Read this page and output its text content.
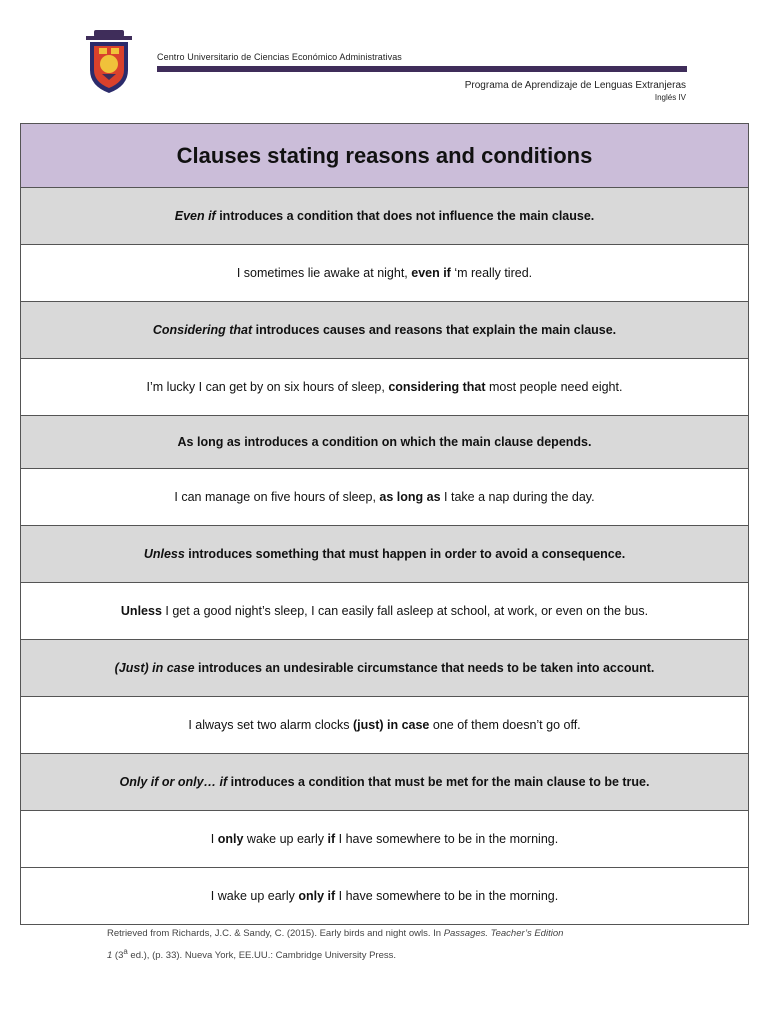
Centro Universitario de Ciencias Económico Administrativas
Programa de Aprendizaje de Lenguas Extranjeras
Inglés IV
Clauses stating reasons and conditions
Even if introduces a condition that does not influence the main clause.
I sometimes lie awake at night, even if ‘m really tired.
Considering that introduces causes and reasons that explain the main clause.
I’m lucky I can get by on six hours of sleep, considering that most people need eight.
As long as introduces a condition on which the main clause depends.
I can manage on five hours of sleep, as long as I take a nap during the day.
Unless introduces something that must happen in order to avoid a consequence.
Unless I get a good night’s sleep, I can easily fall asleep at school, at work, or even on the bus.
(Just) in case introduces an undesirable circumstance that needs to be taken into account.
I always set two alarm clocks (just) in case one of them doesn’t go off.
Only if or only… if introduces a condition that must be met for the main clause to be true.
I only wake up early if I have somewhere to be in the morning.
I wake up early only if I have somewhere to be in the morning.
Retrieved from Richards, J.C. & Sandy, C. (2015). Early birds and night owls. In Passages. Teacher’s Edition
1 (3$^a$ ed.), (p. 33). Nueva York, EE.UU.: Cambridge University Press.
